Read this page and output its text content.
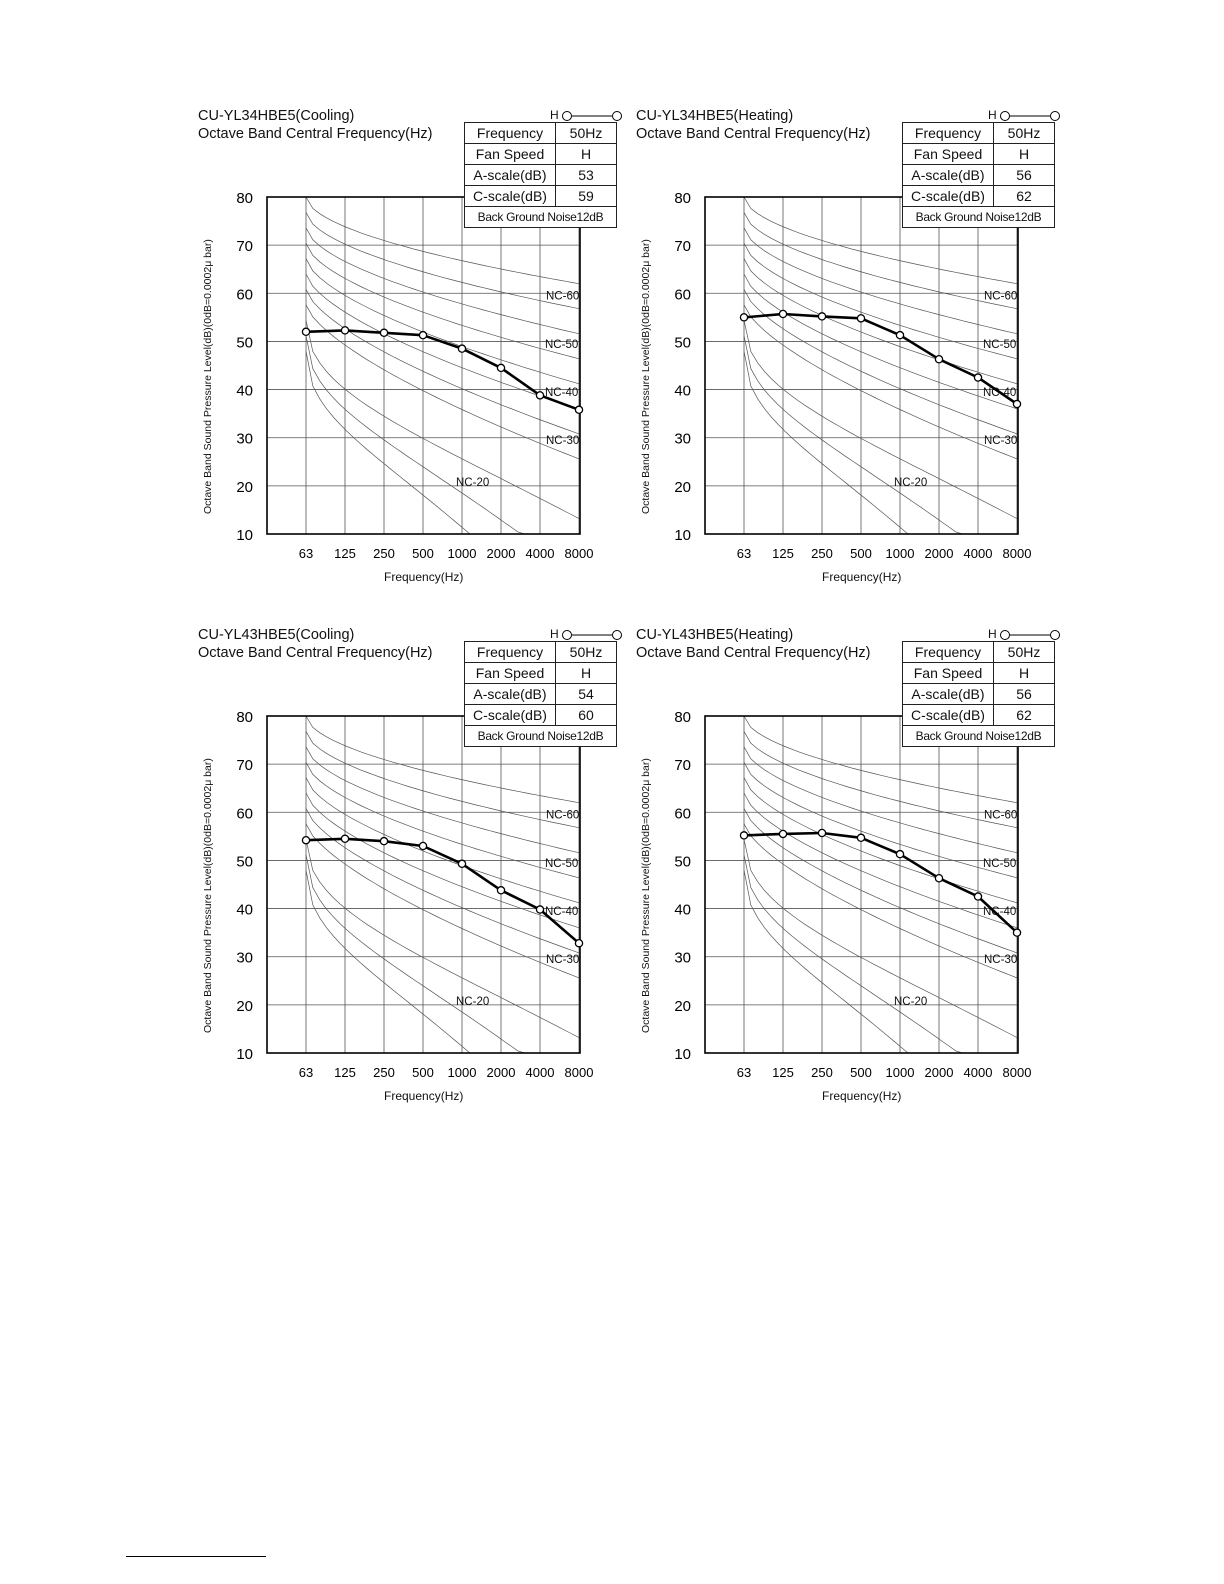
CU-YL34HBE5(Cooling)
Octave Band Central Frequency(Hz)
H
10
20
30
40
50
60
70
80
63 125 250 500 1000 2000 4000 8000
NC-60
NC-50
NC-40
NC-30
NC-20
Frequency	50Hz
Fan Speed	H
A-scale(dB)	53
C-scale(dB)	59
Back Ground Noise12dB	
Octave Band Sound Pressure Level(dB)(0dB=0.0002μ bar)
Frequency(Hz)
CU-YL34HBE5(Heating)
Octave Band Central Frequency(Hz)
H
10
20
30
40
50
60
70
80
63 125 250 500 1000 2000 4000 8000
NC-60
NC-50
NC-40
NC-30
NC-20
Frequency	50Hz
Fan Speed	H
A-scale(dB)	56
C-scale(dB)	62
Back Ground Noise12dB	
Octave Band Sound Pressure Level(dB)(0dB=0.0002μ bar)
Frequency(Hz)
CU-YL43HBE5(Cooling)
Octave Band Central Frequency(Hz)
H
10
20
30
40
50
60
70
80
63 125 250 500 1000 2000 4000 8000
NC-60
NC-50
NC-40
NC-30
NC-20
Frequency	50Hz
Fan Speed	H
A-scale(dB)	54
C-scale(dB)	60
Back Ground Noise12dB	
Octave Band Sound Pressure Level(dB)(0dB=0.0002μ bar)
Frequency(Hz)
CU-YL43HBE5(Heating)
Octave Band Central Frequency(Hz)
H
10
20
30
40
50
60
70
80
63 125 250 500 1000 2000 4000 8000
NC-60
NC-50
NC-40
NC-30
NC-20
Frequency	50Hz
Fan Speed	H
A-scale(dB)	56
C-scale(dB)	62
Back Ground Noise12dB	
Octave Band Sound Pressure Level(dB)(0dB=0.0002μ bar)
Frequency(Hz)
